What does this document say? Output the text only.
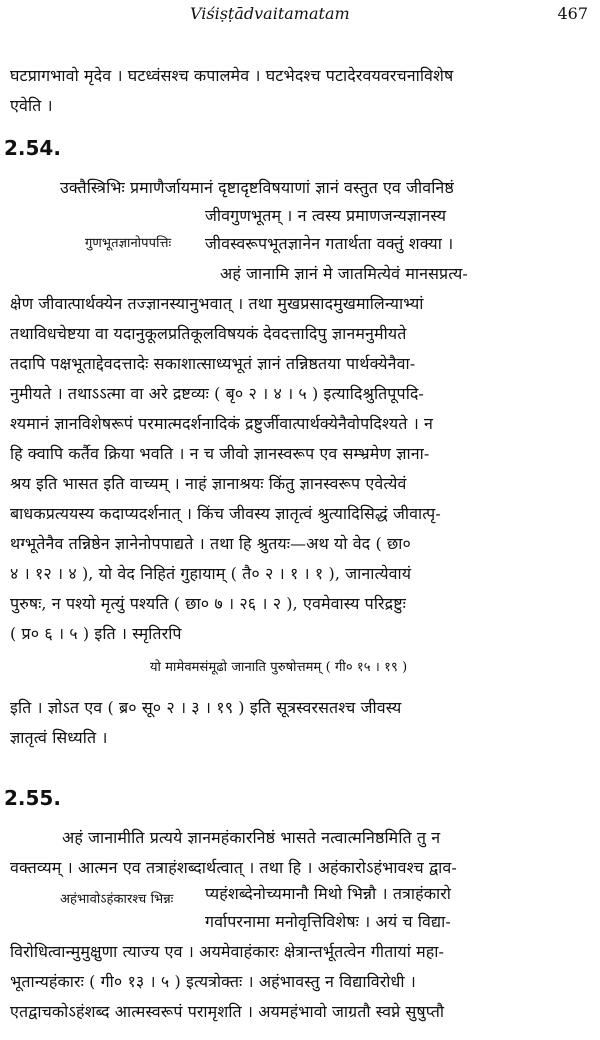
Viśiṣṭādvaitamatam	467
घटप्रागभावो मृदेव । घटध्वंसश्च कपालमेव । घटभेदश्च पटादेरवयवरचनाविशेष
एवेति ।
2.54.
उक्तैस्त्रिभिः प्रमाणैर्जायमानं दृष्टादृष्टविषयाणां ज्ञानं वस्तुत एव जीवनिष्ठं
जीवगुणभूतम् । न त्वस्य प्रमाणजन्यज्ञानस्य
गुणभूतज्ञानोपपत्तिः जीवस्वरूपभूतज्ञानेन गतार्थता वक्तुं शक्या ।
अहं जानामि ज्ञानं मे जातमित्येवं मानसप्रत्य-
क्षेण जीवात्पार्थक्येन तज्ज्ञानस्यानुभवात् । तथा मुखप्रसादमुखमालिन्याभ्यां
तथाविधचेष्टया वा यदानुकूलप्रतिकूलविषयकं देवदत्तादिपु ज्ञानमनुमीयते
तदापि पक्षभूताद्देवदत्तादेः सकाशात्साध्यभूतं ज्ञानं तन्निष्ठतया पार्थक्येनैवा-
नुमीयते । तथाऽऽत्मा वा अरे द्रष्टव्यः ( बृ० २ । ४ । ५ ) इत्यादिश्रुतिपूपदि-
श्यमानं ज्ञानविशेषरूपं परमात्मदर्शनादिकं द्रष्टुर्जीवात्पार्थक्येनैवोपदिश्यते । न
हि क्वापि कर्तैव क्रिया भवति । न च जीवो ज्ञानस्वरूप एव सम्भ्रमेण ज्ञाना-
श्रय इति भासत इति वाच्यम् । नाहं ज्ञानाश्रयः किंतु ज्ञानस्वरूप एवेत्येवं
बाधकप्रत्ययस्य कदाप्यदर्शनात् । किंच जीवस्य ज्ञातृत्वं श्रुत्यादिसिद्धं जीवात्पृ-
थग्भूतेनैव तन्निष्ठेन ज्ञानेनोपपाद्यते । तथा हि श्रुतयः—अथ यो वेद ( छा०
४ । १२ । ४ ), यो वेद निहितं गुहायाम् ( तै० २ । १ । १ ), जानात्येवायं
पुरुषः, न पश्यो मृत्युं पश्यति ( छा० ७ । २६ । २ ), एवमेवास्य परिद्रष्टुः
( प्र० ६ । ५ ) इति । स्मृतिरपि
यो मामेवमसंमूढो जानाति पुरुषोत्तमम् ( गी० १५ । १९ )
इति । ज्ञोऽत एव ( ब्र० सू० २ । ३ । १९ ) इति सूत्रस्वरसतश्च जीवस्य
ज्ञातृत्वं सिध्यति ।
2.55.
अहं जानामीति प्रत्यये ज्ञानमहंकारनिष्ठं भासते नत्वात्मनिष्ठमिति तु न
वक्तव्यम् । आत्मन एव तत्राहंशब्दार्थत्वात् । तथा हि । अहंकारोऽहंभावश्च द्वाव-
अहंभावोऽहंकारश्च भिन्नः प्यहंशब्देनोच्यमानौ मिथो भिन्नौ । तत्राहंकारो
गर्वापरनामा मनोवृत्तिविशेषः । अयं च विद्या-
विरोधित्वान्मुमुक्षुणा त्याज्य एव । अयमेवाहंकारः क्षेत्रान्तर्भूतत्वेन गीतायां महा-
भूतान्यहंकारः ( गी० १३ । ५ ) इत्यत्रोक्तः । अहंभावस्तु न विद्याविरोधी ।
एतद्वाचकोऽहंशब्द आत्मस्वरूपं परामृशति । अयमहंभावो जाग्रतौ स्वप्ने सुषुप्तौ
